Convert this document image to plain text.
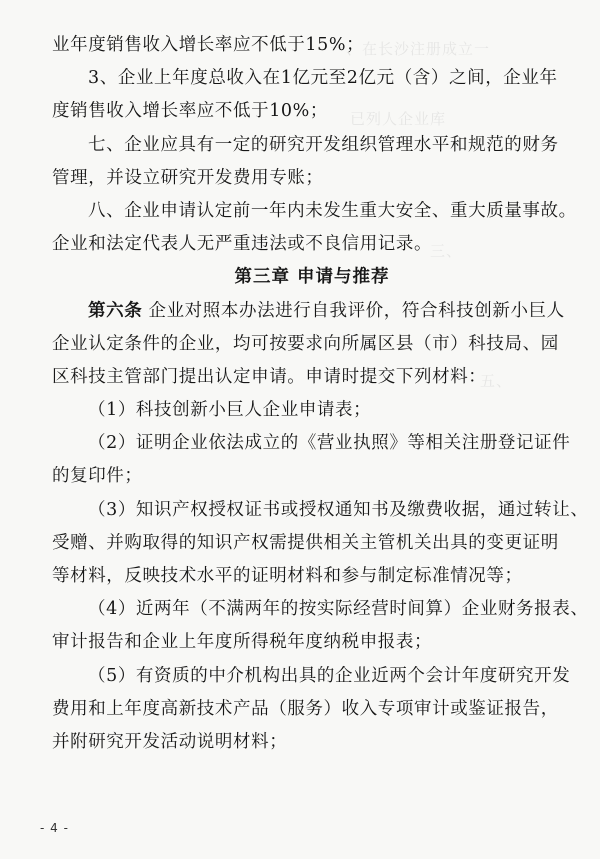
一、在长沙注册成立一
已列人企业库
三、
五、
业年度销售收入增长率应不低于15%；
3、企业上年度总收入在1亿元至2亿元（含）之间，企业年
度销售收入增长率应不低于10%；
七、企业应具有一定的研究开发组织管理水平和规范的财务
管理，并设立研究开发费用专账；
八、企业申请认定前一年内未发生重大安全、重大质量事故。
企业和法定代表人无严重违法或不良信用记录。
第三章 申请与推荐
第六条 企业对照本办法进行自我评价，符合科技创新小巨人
企业认定条件的企业，均可按要求向所属区县（市）科技局、园
区科技主管部门提出认定申请。申请时提交下列材料：
（1）科技创新小巨人企业申请表；
（2）证明企业依法成立的《营业执照》等相关注册登记证件
的复印件；
（3）知识产权授权证书或授权通知书及缴费收据，通过转让、
受赠、并购取得的知识产权需提供相关主管机关出具的变更证明
等材料，反映技术水平的证明材料和参与制定标准情况等；
（4）近两年（不满两年的按实际经营时间算）企业财务报表、
审计报告和企业上年度所得税年度纳税申报表；
（5）有资质的中介机构出具的企业近两个会计年度研究开发
费用和上年度高新技术产品（服务）收入专项审计或鉴证报告，
并附研究开发活动说明材料；
- 4 -
